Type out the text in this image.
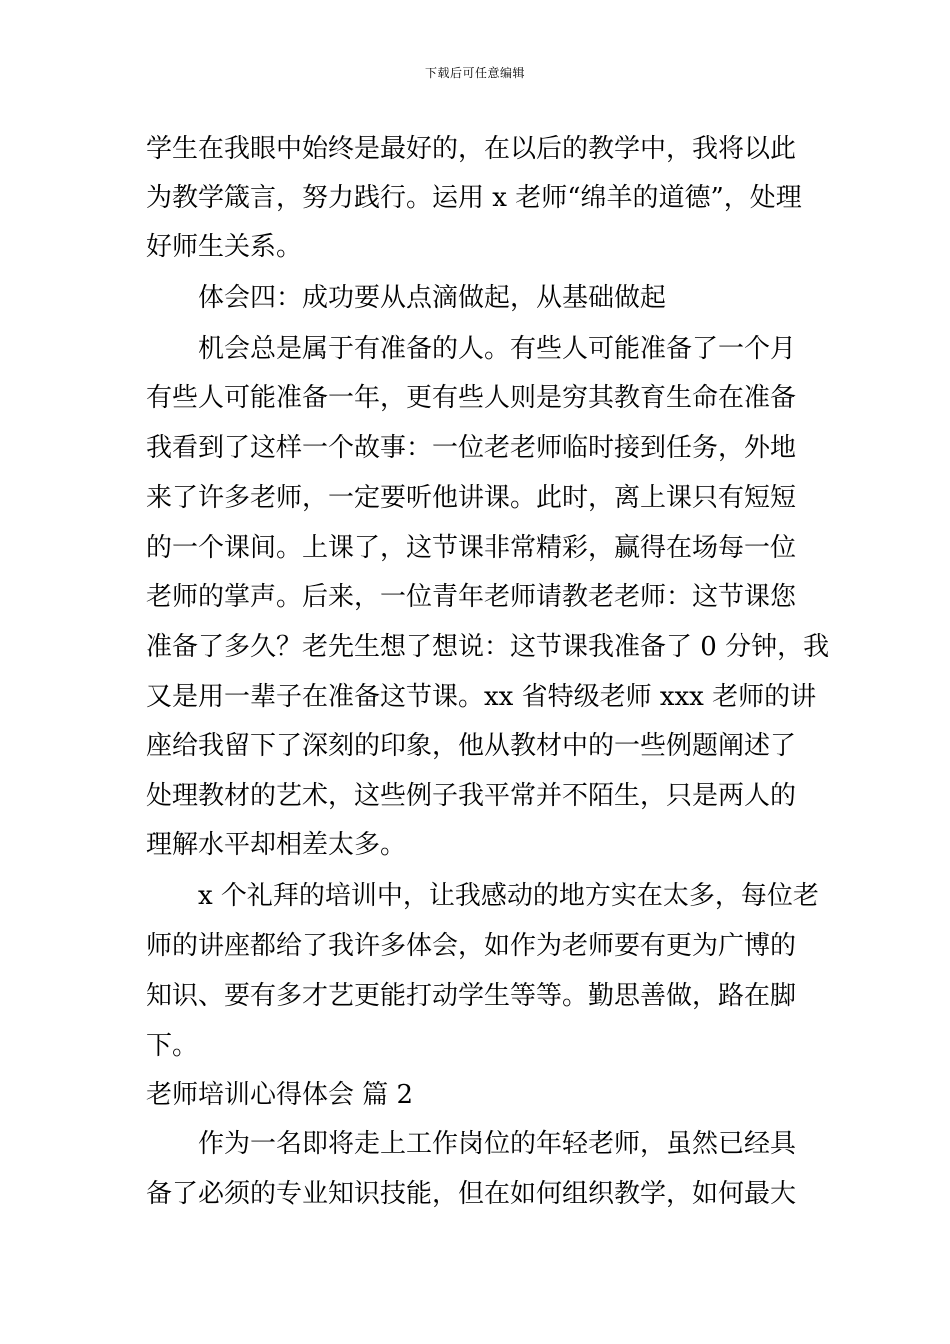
下载后可任意编辑
学生在我眼中始终是最好的，在以后的教学中，我将以此
为教学箴言，努力践行。运用 x 老师“绵羊的道德”，处理
好师生关系。
体会四：成功要从点滴做起，从基础做起
机会总是属于有准备的人。有些人可能准备了一个月
有些人可能准备一年，更有些人则是穷其教育生命在准备
我看到了这样一个故事：一位老老师临时接到任务，外地
来了许多老师，一定要听他讲课。此时，离上课只有短短
的一个课间。上课了，这节课非常精彩，赢得在场每一位
老师的掌声。后来，一位青年老师请教老老师：这节课您
准备了多久？老先生想了想说：这节课我准备了 0 分钟，我
又是用一辈子在准备这节课。xx 省特级老师 xxx 老师的讲
座给我留下了深刻的印象，他从教材中的一些例题阐述了
处理教材的艺术，这些例子我平常并不陌生，只是两人的
理解水平却相差太多。
x 个礼拜的培训中，让我感动的地方实在太多，每位老
师的讲座都给了我许多体会，如作为老师要有更为广博的
知识、要有多才艺更能打动学生等等。勤思善做，路在脚
下。
老师培训心得体会 篇 2
作为一名即将走上工作岗位的年轻老师，虽然已经具
备了必须的专业知识技能，但在如何组织教学，如何最大
